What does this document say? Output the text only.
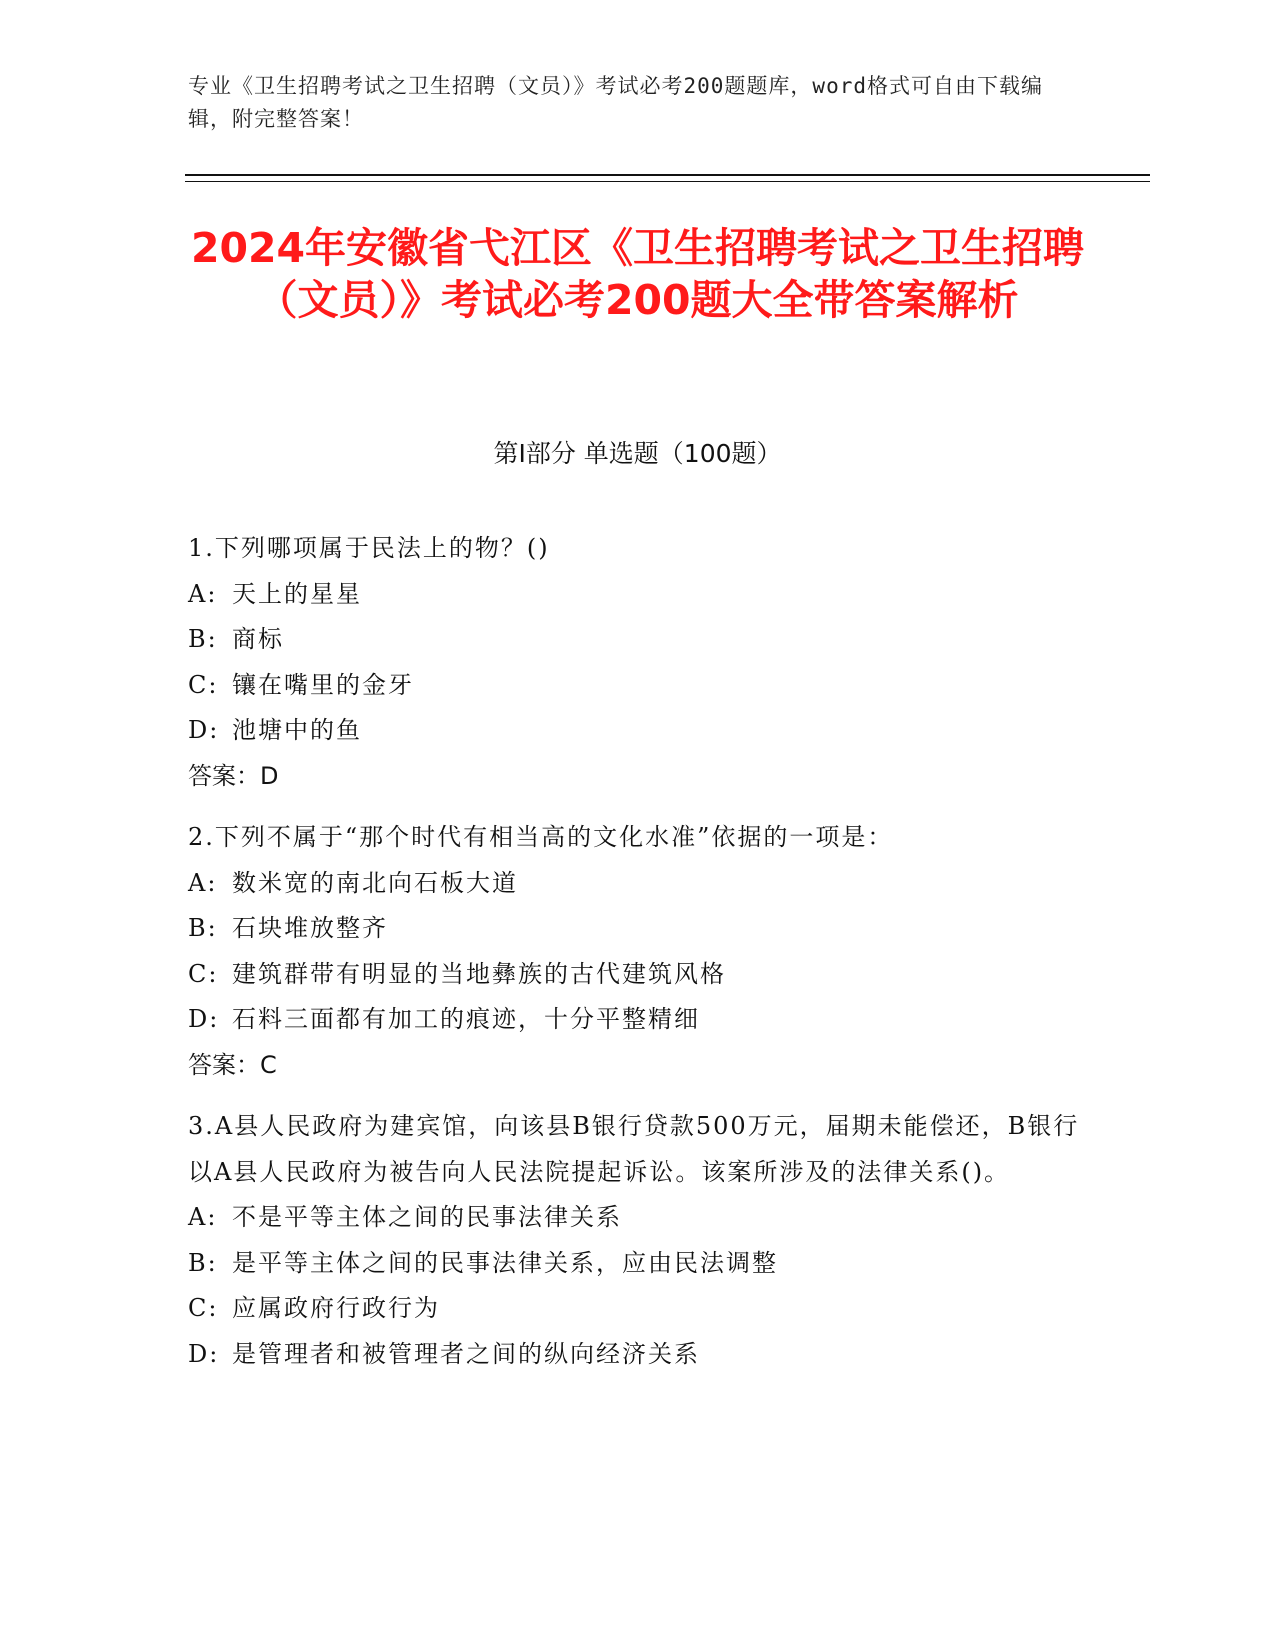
专业《卫生招聘考试之卫生招聘（文员）》考试必考200题题库，word格式可自由下载编辑，附完整答案！
2024年安徽省弋江区《卫生招聘考试之卫生招聘（文员）》考试必考200题大全带答案解析
第Ⅰ部分 单选题（100题）
1.下列哪项属于民法上的物？()
A: 天上的星星
B: 商标
C: 镶在嘴里的金牙
D: 池塘中的鱼
答案：D
2.下列不属于“那个时代有相当高的文化水准”依据的一项是：
A: 数米宽的南北向石板大道
B: 石块堆放整齐
C: 建筑群带有明显的当地彝族的古代建筑风格
D: 石料三面都有加工的痕迹，十分平整精细
答案：C
3.A县人民政府为建宾馆，向该县B银行贷款500万元，届期未能偿还，B银行以A县人民政府为被告向人民法院提起诉讼。该案所涉及的法律关系()。
A: 不是平等主体之间的民事法律关系
B: 是平等主体之间的民事法律关系，应由民法调整
C: 应属政府行政行为
D: 是管理者和被管理者之间的纵向经济关系
